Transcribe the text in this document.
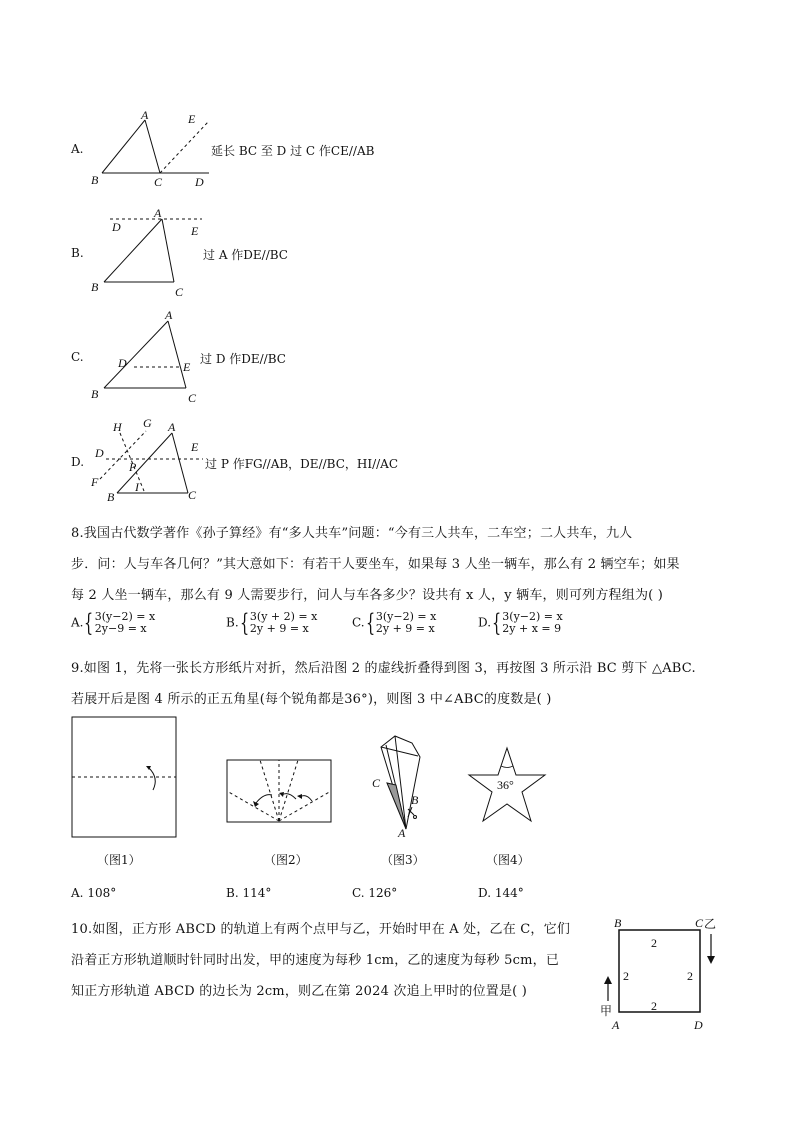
A.
A
B	C	D
E
延长 BC 至 D 过 C 作CE//AB
B.
A
B	C
D	E
过 A 作DE//BC
C.
A
B	C
D	E
过 D 作DE//BC
D.
A
B	C
D	E
F
G
H
I
P	过 P 作FG//AB，DE//BC，HI//AC
8.我国古代数学著作《孙子算经》有“多人共车”问题：“今有三人共车，二车空；二人共车，九人
步．问：人与车各几何？”其大意如下：有若干人要坐车，如果每 3 人坐一辆车，那么有 2 辆空车；如果
每 2 人坐一辆车，那么有 9 人需要步行，问人与车各多少？设共有 x 人，y 辆车，则可列方程组为( )
A.{3(y−2) = x
2y−9 = x	B.{3(y + 2) = x
2y + 9 = x	C.{3(y−2) = x
2y + 9 = x	D.{3(y−2) = x
2y + x = 9
9.如图 1，先将一张长方形纸片对折，然后沿图 2 的虚线折叠得到图 3，再按图 3 所示沿 BC 剪下 △ABC.
若展开后是图 4 所示的正五角星(每个锐角都是36°)，则图 3 中∠ABC的度数是( )
（图1）	（图2）
C
B
A
（图3）
36°
（图4）
A. 108°	B. 114°	C. 126°	D. 144°
10.如图，正方形 ABCD 的轨道上有两个点甲与乙，开始时甲在 A 处，乙在 C，它们
沿着正方形轨道顺时针同时出发，甲的速度为每秒 1cm，乙的速度为每秒 5cm，已
知正方形轨道 ABCD 的边长为 2cm，则乙在第 2024 次追上甲时的位置是( )
B	C
A	D
乙
甲
2
2	2
2
